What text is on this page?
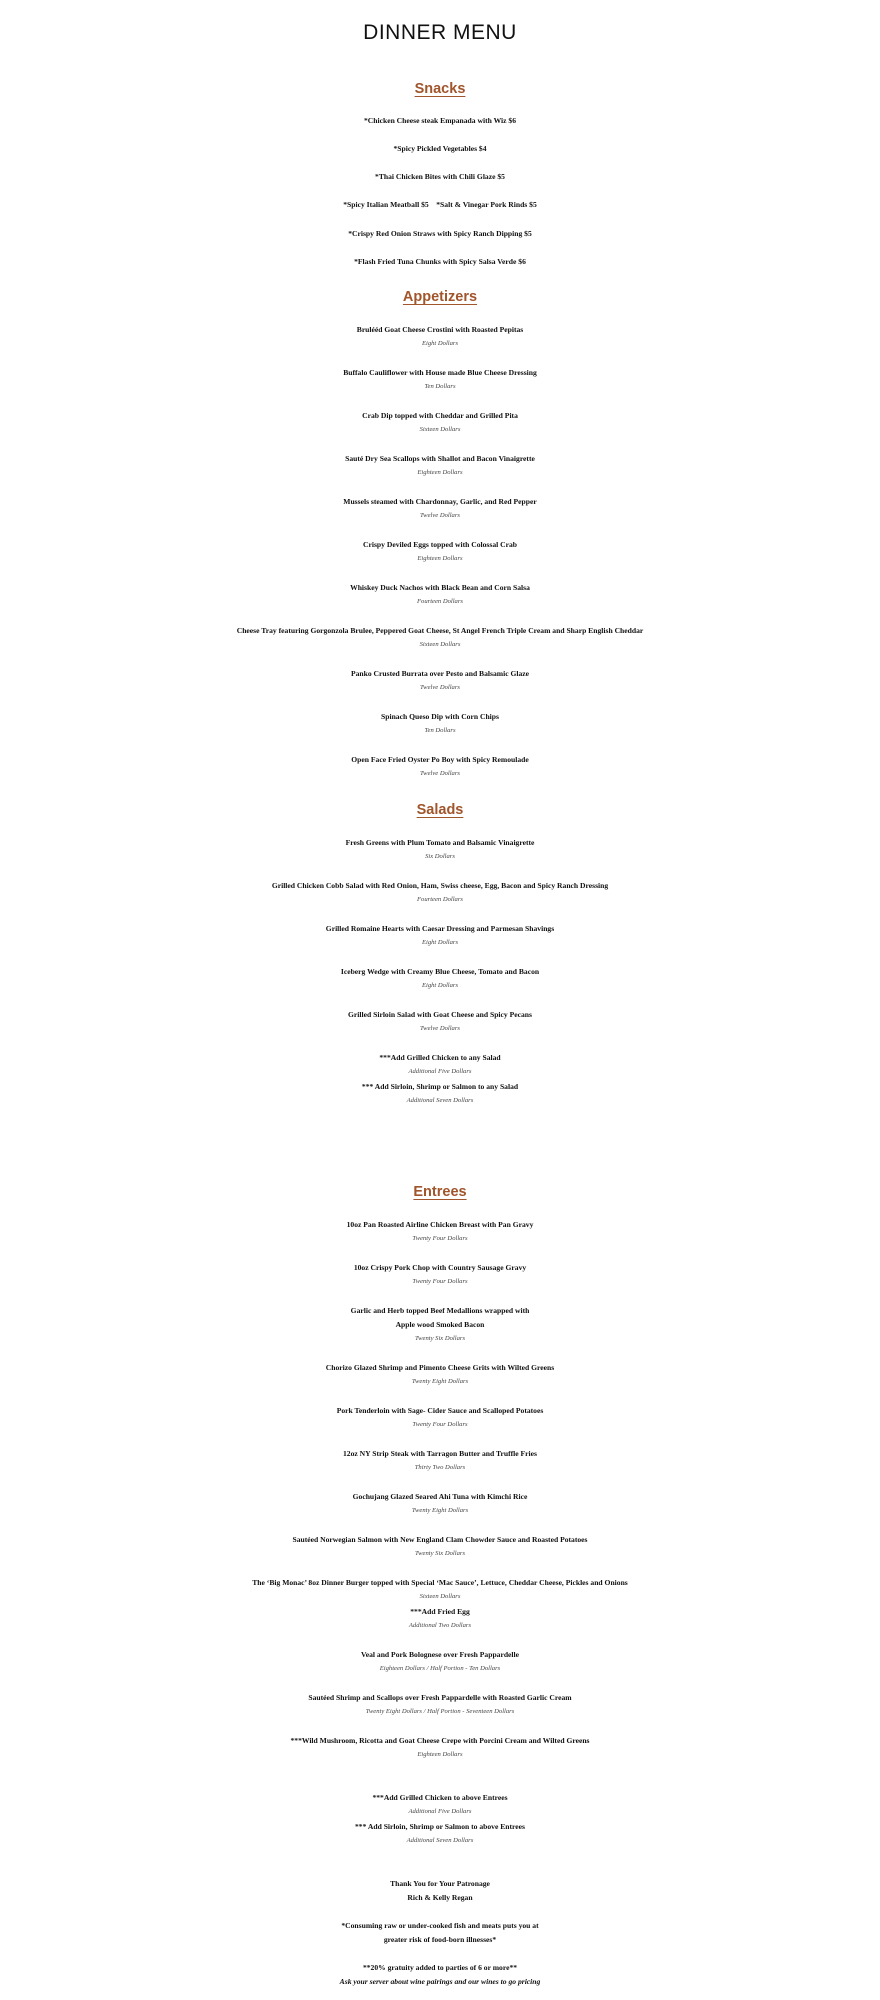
DINNER MENU
Snacks
*Chicken Cheese steak Empanada with Wiz $6
*Spicy Pickled Vegetables $4
*Thai Chicken Bites with Chili Glaze $5
*Spicy Italian Meatball $5    *Salt & Vinegar Pork Rinds $5
*Crispy Red Onion Straws with Spicy Ranch Dipping $5
*Flash Fried Tuna Chunks with Spicy Salsa Verde $6
Appetizers
Brulééd Goat Cheese Crostini with Roasted Pepitas
Eight Dollars
Buffalo Cauliflower with House made Blue Cheese Dressing
Ten Dollars
Crab Dip topped with Cheddar and Grilled Pita
Sixteen Dollars
Sauté Dry Sea Scallops with Shallot and Bacon Vinaigrette
Eighteen Dollars
Mussels steamed with Chardonnay, Garlic, and Red Pepper
Twelve Dollars
Crispy Deviled Eggs topped with Colossal Crab
Eighteen Dollars
Whiskey Duck Nachos with Black Bean and Corn Salsa
Fourteen Dollars
Cheese Tray featuring Gorgonzola Brulee, Peppered Goat Cheese, St Angel French Triple Cream and Sharp English Cheddar
Sixteen Dollars
Panko Crusted Burrata over Pesto and Balsamic Glaze
Twelve Dollars
Spinach Queso Dip with Corn Chips
Ten Dollars
Open Face Fried Oyster Po Boy with Spicy Remoulade
Twelve Dollars
Salads
Fresh Greens with Plum Tomato and Balsamic Vinaigrette
Six Dollars
Grilled Chicken Cobb Salad with Red Onion, Ham, Swiss cheese, Egg, Bacon and Spicy Ranch Dressing
Fourteen Dollars
Grilled Romaine Hearts with Caesar Dressing and Parmesan Shavings
Eight Dollars
Iceberg Wedge with Creamy Blue Cheese, Tomato and Bacon
Eight Dollars
Grilled Sirloin Salad with Goat Cheese and Spicy Pecans
Twelve Dollars
***Add Grilled Chicken to any Salad
Additional Five Dollars
*** Add Sirloin, Shrimp or Salmon to any Salad
Additional Seven Dollars
Entrees
10oz Pan Roasted Airline Chicken Breast with Pan Gravy
Twenty Four Dollars
10oz Crispy Pork Chop with Country Sausage Gravy
Twenty Four Dollars
Garlic and Herb topped Beef Medallions wrapped with
Apple wood Smoked Bacon
Twenty Six Dollars
Chorizo Glazed Shrimp and Pimento Cheese Grits with Wilted Greens
Twenty Eight Dollars
Pork Tenderloin with Sage- Cider Sauce and Scalloped Potatoes
Twenty Four Dollars
12oz NY Strip Steak with Tarragon Butter and Truffle Fries
Thirty Two Dollars
Gochujang Glazed Seared Ahi Tuna with Kimchi Rice
Twenty Eight Dollars
Sautéed Norwegian Salmon with New England Clam Chowder Sauce and Roasted Potatoes
Twenty Six Dollars
The ‘Big Monac’ 8oz Dinner Burger topped with Special ‘Mac Sauce’, Lettuce, Cheddar Cheese, Pickles and Onions
Sixteen Dollars
***Add Fried Egg
Additional Two Dollars
Veal and Pork Bolognese over Fresh Pappardelle
Eighteen Dollars / Half Portion - Ten Dollars
Sautéed Shrimp and Scallops over Fresh Pappardelle with Roasted Garlic Cream
Twenty Eight Dollars / Half Portion - Seventeen Dollars
***Wild Mushroom, Ricotta and Goat Cheese Crepe with Porcini Cream and Wilted Greens
Eighteen Dollars
***Add Grilled Chicken to above Entrees
Additional Five Dollars
*** Add Sirloin, Shrimp or Salmon to above Entrees
Additional Seven Dollars
Thank You for Your Patronage
Rich & Kelly Regan
*Consuming raw or under-cooked fish and meats puts you at
greater risk of food-born illnesses*
**20% gratuity added to parties of 6 or more**
Ask your server about wine pairings and our wines to go pricing
